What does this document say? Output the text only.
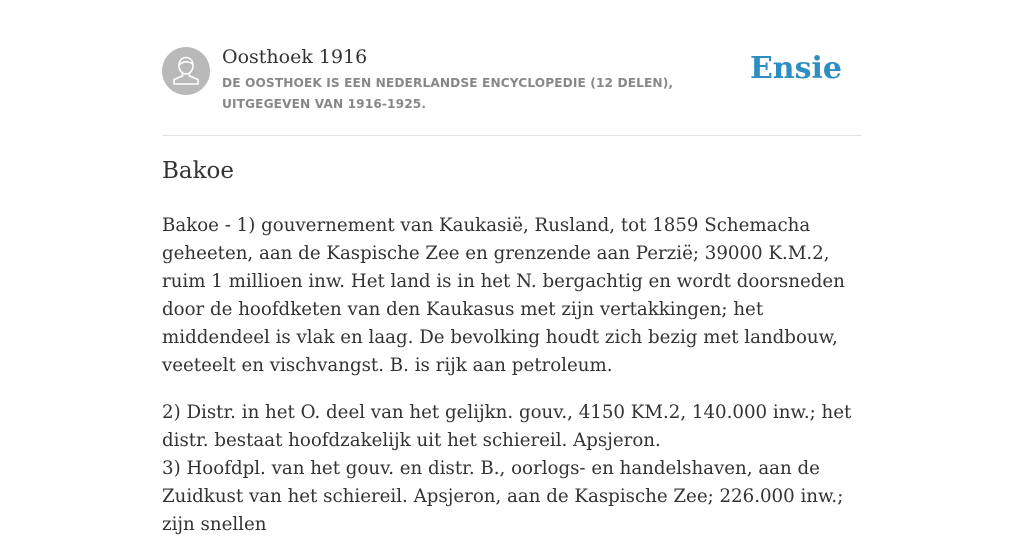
Oosthoek 1916
DE OOSTHOEK IS EEN NEDERLANDSE ENCYCLOPEDIE (12 DELEN), UITGEGEVEN VAN 1916-1925.
Ensie
Bakoe

Bakoe - 1) gouvernement van Kaukasië, Rusland, tot 1859 Schemacha geheeten, aan de Kaspische Zee en grenzende aan Perzië; 39000 K.M.2, ruim 1 millioen inw. Het land is in het N. bergachtig en wordt doorsneden door de hoofdketen van den Kaukasus met zijn vertakkingen; het middendeel is vlak en laag. De bevolking houdt zich bezig met landbouw, veeteelt en vischvangst. B. is rijk aan petroleum.

2) Distr. in het O. deel van het gelijkn. gouv., 4150 KM.2, 140.000 inw.; het distr. bestaat hoofdzakelijk uit het schiereil. Apsjeron.
3) Hoofdpl. van het gouv. en distr. B., oorlogs- en handelshaven, aan de Zuidkust van het schiereil. Apsjeron, aan de Kaspische Zee; 226.000 inw.; zijn snellen
